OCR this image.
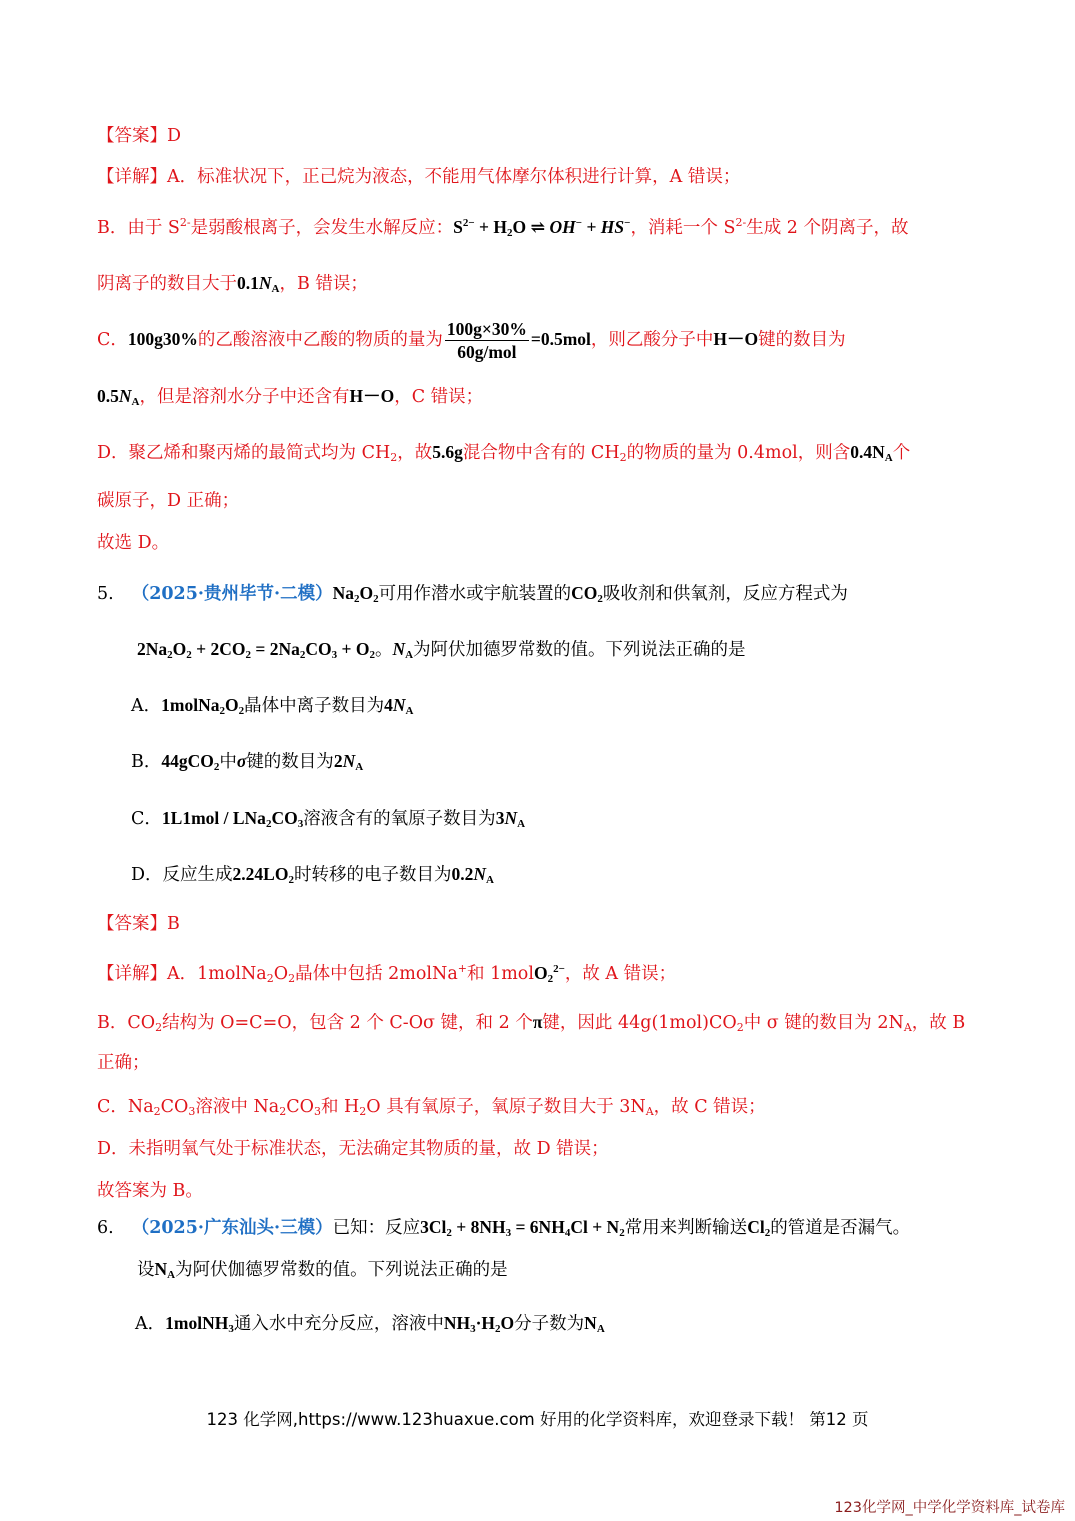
【答案】D
【详解】A．标准状况下，正己烷为液态，不能用气体摩尔体积进行计算，A 错误；
B．由于 $S^{2-}$是弱酸根离子，会发生水解反应：$S^{2-} + H_2O$ ⇌ OH− + HS−，消耗一个 $S^{2-}$生成 2 个阴离子，故
阴离子的数目大于$0.1N_A$，B 错误；
C．100g30%的乙酸溶液中乙酸的物质的量为 $\frac{100g\times 30\%}{\text{60g/mol}} =0.5mol$，则乙酸分子中H－O键的数目为
$0.5N_A$，但是溶剂水分子中还含有H－O，C 错误；
D．聚乙烯和聚丙烯的最简式均为 $CH_2$，故5.6g混合物中含有的 $CH_2$的物质的量为 0.4mol，则含$0.4N_A$个
碳原子，D 正确；
故选 D。
5. （2025·贵州毕节·二模）$Na_2O_2$可用作潜水或宇航装置的$CO_2$吸收剂和供氧剂，反应方程式为
$2Na_2O_2 + 2CO_2 = 2Na_2CO_3 + O_2$。$N_A$为阿伏加德罗常数的值。下列说法正确的是
A．$1molNa_2O_2$晶体中离子数目为$4N_A$
B．44gCO$_2$中σ键的数目为$2N_A$
C．$1L1mol / LNa_2CO_3$溶液含有的氧原子数目为$3N_A$
D．反应生成$2.24LO_2$时转移的电子数目为$0.2N_A$
【答案】B
【详解】A．$1molNa_2O_2$晶体中包括 2molNa+和 1molO$_2^{2-}$，故 A 错误；
B．$CO_2$结构为 O=C=O，包含 2 个 C-Oσ 键，和 2 个π键，因此 $44g(1mol)CO_2$中 σ 键的数目为 $2N_A$，故 B
正确；
C．$Na_2CO_3$溶液中 $Na_2CO_3$和 $H_2O$ 具有氧原子，氧原子数目大于 $3N_A$，故 C 错误；
D．未指明氧气处于标准状态，无法确定其物质的量，故 D 错误；
故答案为 B。
6. （2025·广东汕头·三模）已知：反应$3Cl_2 + 8NH_3 = 6NH_4Cl + N_2$常用来判断输送$Cl_2$的管道是否漏气。
设$N_A$为阿伏伽德罗常数的值。下列说法正确的是
A．1molNH$_3$通入水中充分反应，溶液中$NH_3\cdot H_2O$分子数为$N_A$
123 化学网,https://www.123huaxue.com 好用的化学资料库，欢迎登录下载！ 第12 页
123化学网_中学化学资料库_试卷库
